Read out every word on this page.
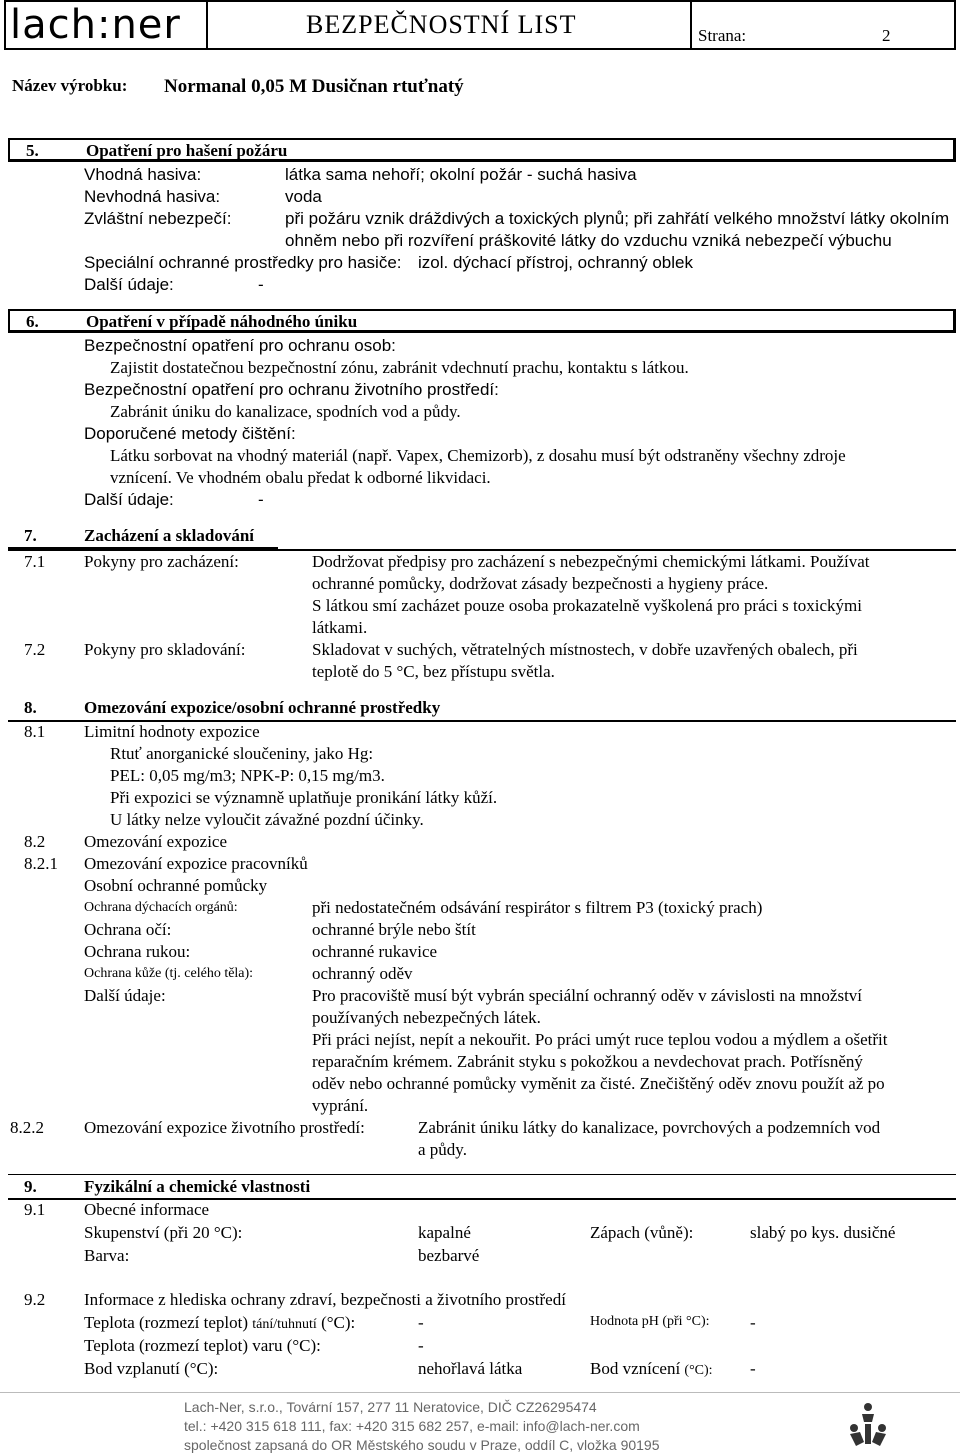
lach:ner	BEZPEČNOSTNÍ LIST	Strana:	2
Název výrobku: Normanal 0,05 M Dusičnan rtuťnatý
5.	Opatření pro hašení požáru
Vhodná hasiva:	látka sama nehoří; okolní požár - suchá hasiva
Nevhodná hasiva:	voda
Zvláštní nebezpečí:	při požáru vznik dráždivých a toxických plynů; při zahřátí velkého množství látky okolním
ohněm nebo při rozvíření práškovité látky do vzduchu vzniká nebezpečí výbuchu
Speciální ochranné prostředky pro hasiče: izol. dýchací přístroj, ochranný oblek
Další údaje:	-
6.	Opatření v případě náhodného úniku
Bezpečnostní opatření pro ochranu osob:
Zajistit dostatečnou bezpečnostní zónu, zabránit vdechnutí prachu, kontaktu s látkou.
Bezpečnostní opatření pro ochranu životního prostředí:
Zabránit úniku do kanalizace, spodních vod a půdy.
Doporučené metody čištění:
Látku sorbovat na vhodný materiál (např. Vapex, Chemizorb), z dosahu musí být odstraněny všechny zdroje
vznícení. Ve vhodném obalu předat k odborné likvidaci.
Další údaje:	-
7.	Zacházení a skladování
7.1 Pokyny pro zacházení:	Dodržovat předpisy pro zacházení s nebezpečnými chemickými látkami. Používat
ochranné pomůcky, dodržovat zásady bezpečnosti a hygieny práce.
S látkou smí zacházet pouze osoba prokazatelně vyškolená pro práci s toxickými
látkami.
7.2 Pokyny pro skladování:	Skladovat v suchých, větratelných místnostech, v dobře uzavřených obalech, při
teplotě do 5 °C, bez přístupu světla.
8.	Omezování expozice/osobní ochranné prostředky
8.1 Limitní hodnoty expozice
Rtuť anorganické sloučeniny, jako Hg:
PEL: 0,05 mg/m3; NPK-P: 0,15 mg/m3.
Při expozici se významně uplatňuje pronikání látky kůží.
U látky nelze vyloučit závažné pozdní účinky.
8.2 Omezování expozice
8.2.1 Omezování expozice pracovníků
Osobní ochranné pomůcky
Ochrana dýchacích orgánů:	při nedostatečném odsávání respirátor s filtrem P3 (toxický prach)
Ochrana očí:	ochranné brýle nebo štít
Ochrana rukou:	ochranné rukavice
Ochrana kůže (tj. celého těla):	ochranný oděv
Další údaje:	Pro pracoviště musí být vybrán speciální ochranný oděv v závislosti na množství
používaných nebezpečných látek.
Při práci nejíst, nepít a nekouřit. Po práci umýt ruce teplou vodou a mýdlem a ošetřit
reparačním krémem. Zabránit styku s pokožkou a nevdechovat prach. Potřísněný
oděv nebo ochranné pomůcky vyměnit za čisté. Znečištěný oděv znovu použít až po
vyprání.
8.2.2 Omezování expozice životního prostředí:	Zabránit úniku látky do kanalizace, povrchových a podzemních vod
a půdy.
9.	Fyzikální a chemické vlastnosti
9.1 Obecné informace
Skupenství (při 20 °C):	kapalné	Zápach (vůně):	slabý po kys. dusičné
Barva:	bezbarvé
9.2 Informace z hlediska ochrany zdraví, bezpečnosti a životního prostředí
Teplota (rozmezí teplot) tání/tuhnutí (°C):	-	Hodnota pH (při °C): -
Teplota (rozmezí teplot) varu (°C):	-
Bod vzplanutí (°C):	nehořlavá látka	Bod vznícení (°C): -
Lach-Ner, s.r.o., Tovární 157, 277 11 Neratovice, DIČ CZ26295474
tel.: +420 315 618 111, fax: +420 315 682 257, e-mail: info@lach-ner.com
společnost zapsaná do OR Městského soudu v Praze, oddíl C, vložka 90195
